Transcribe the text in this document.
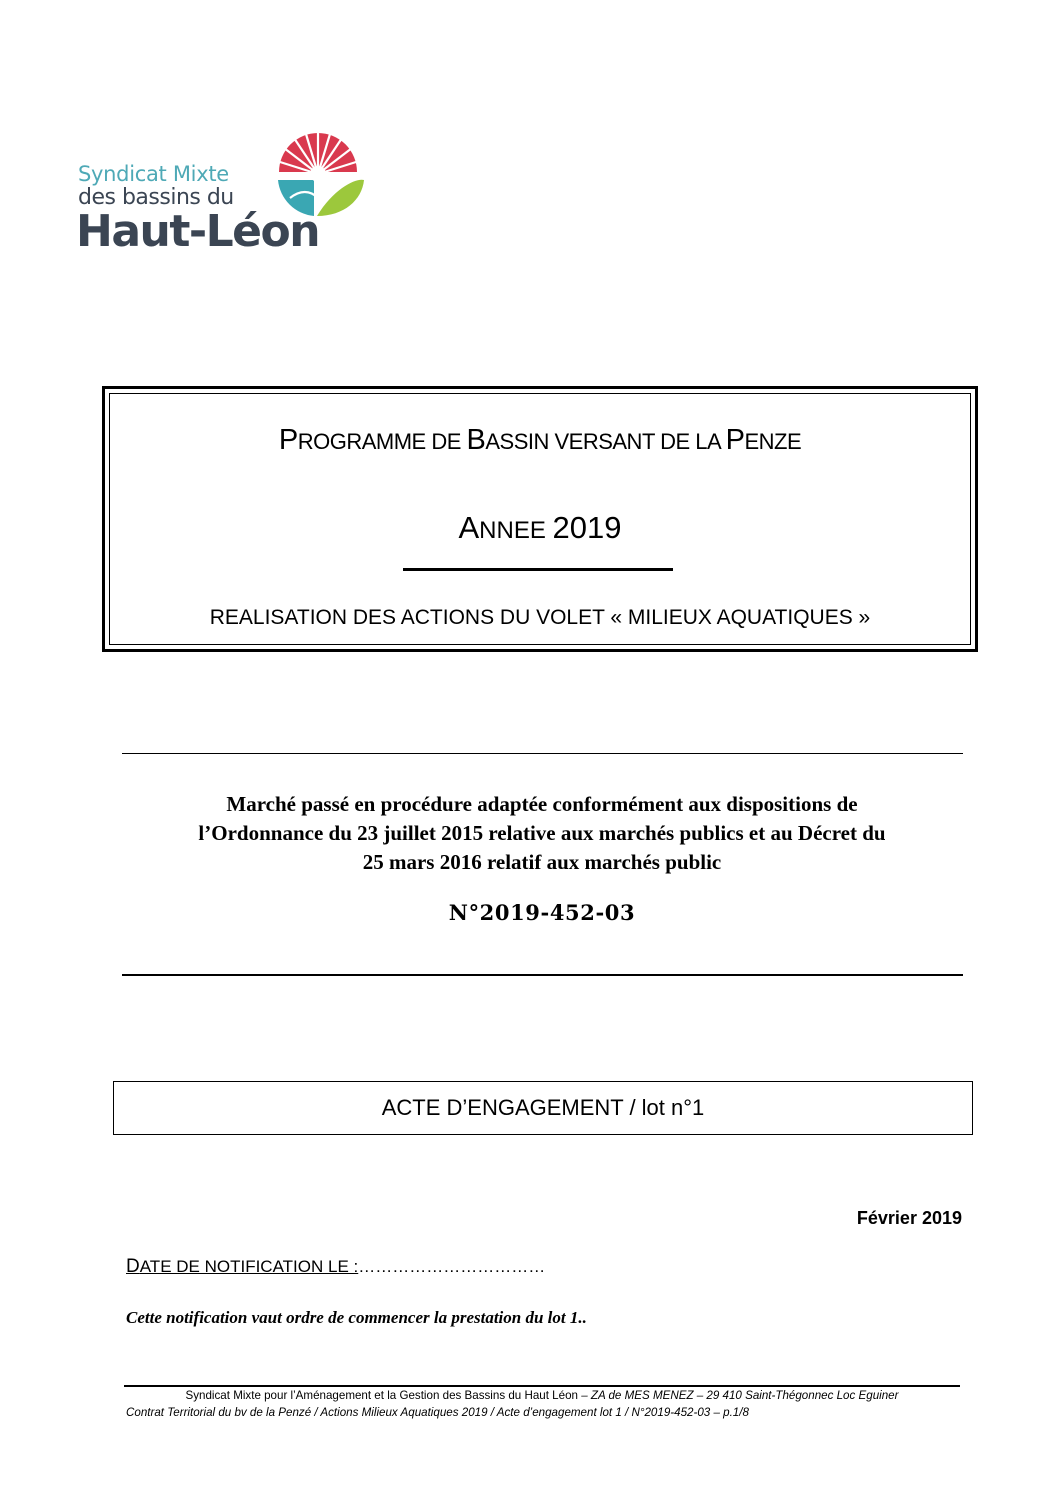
Syndicat Mixte
des bassins du
Haut-Léon
PROGRAMME DE BASSIN VERSANT DE LA PENZE
ANNEE 2019
REALISATION DES ACTIONS DU VOLET « MILIEUX AQUATIQUES »
Marché passé en procédure adaptée conformément aux dispositions de
l’Ordonnance du 23 juillet 2015 relative aux marchés publics et au Décret du
25 mars 2016 relatif aux marchés public
N°2019-452-03
ACTE D’ENGAGEMENT / lot n°1
Février 2019
DATE DE NOTIFICATION LE :……………………………
Cette notification vaut ordre de commencer la prestation du lot 1..
Syndicat Mixte pour l’Aménagement et la Gestion des Bassins du Haut Léon – ZA de MES MENEZ – 29 410 Saint-Thégonnec Loc Eguiner
Contrat Territorial du bv de la Penzé / Actions Milieux Aquatiques 2019 / Acte d’engagement lot 1 / N°2019-452-03 – p.1/8
